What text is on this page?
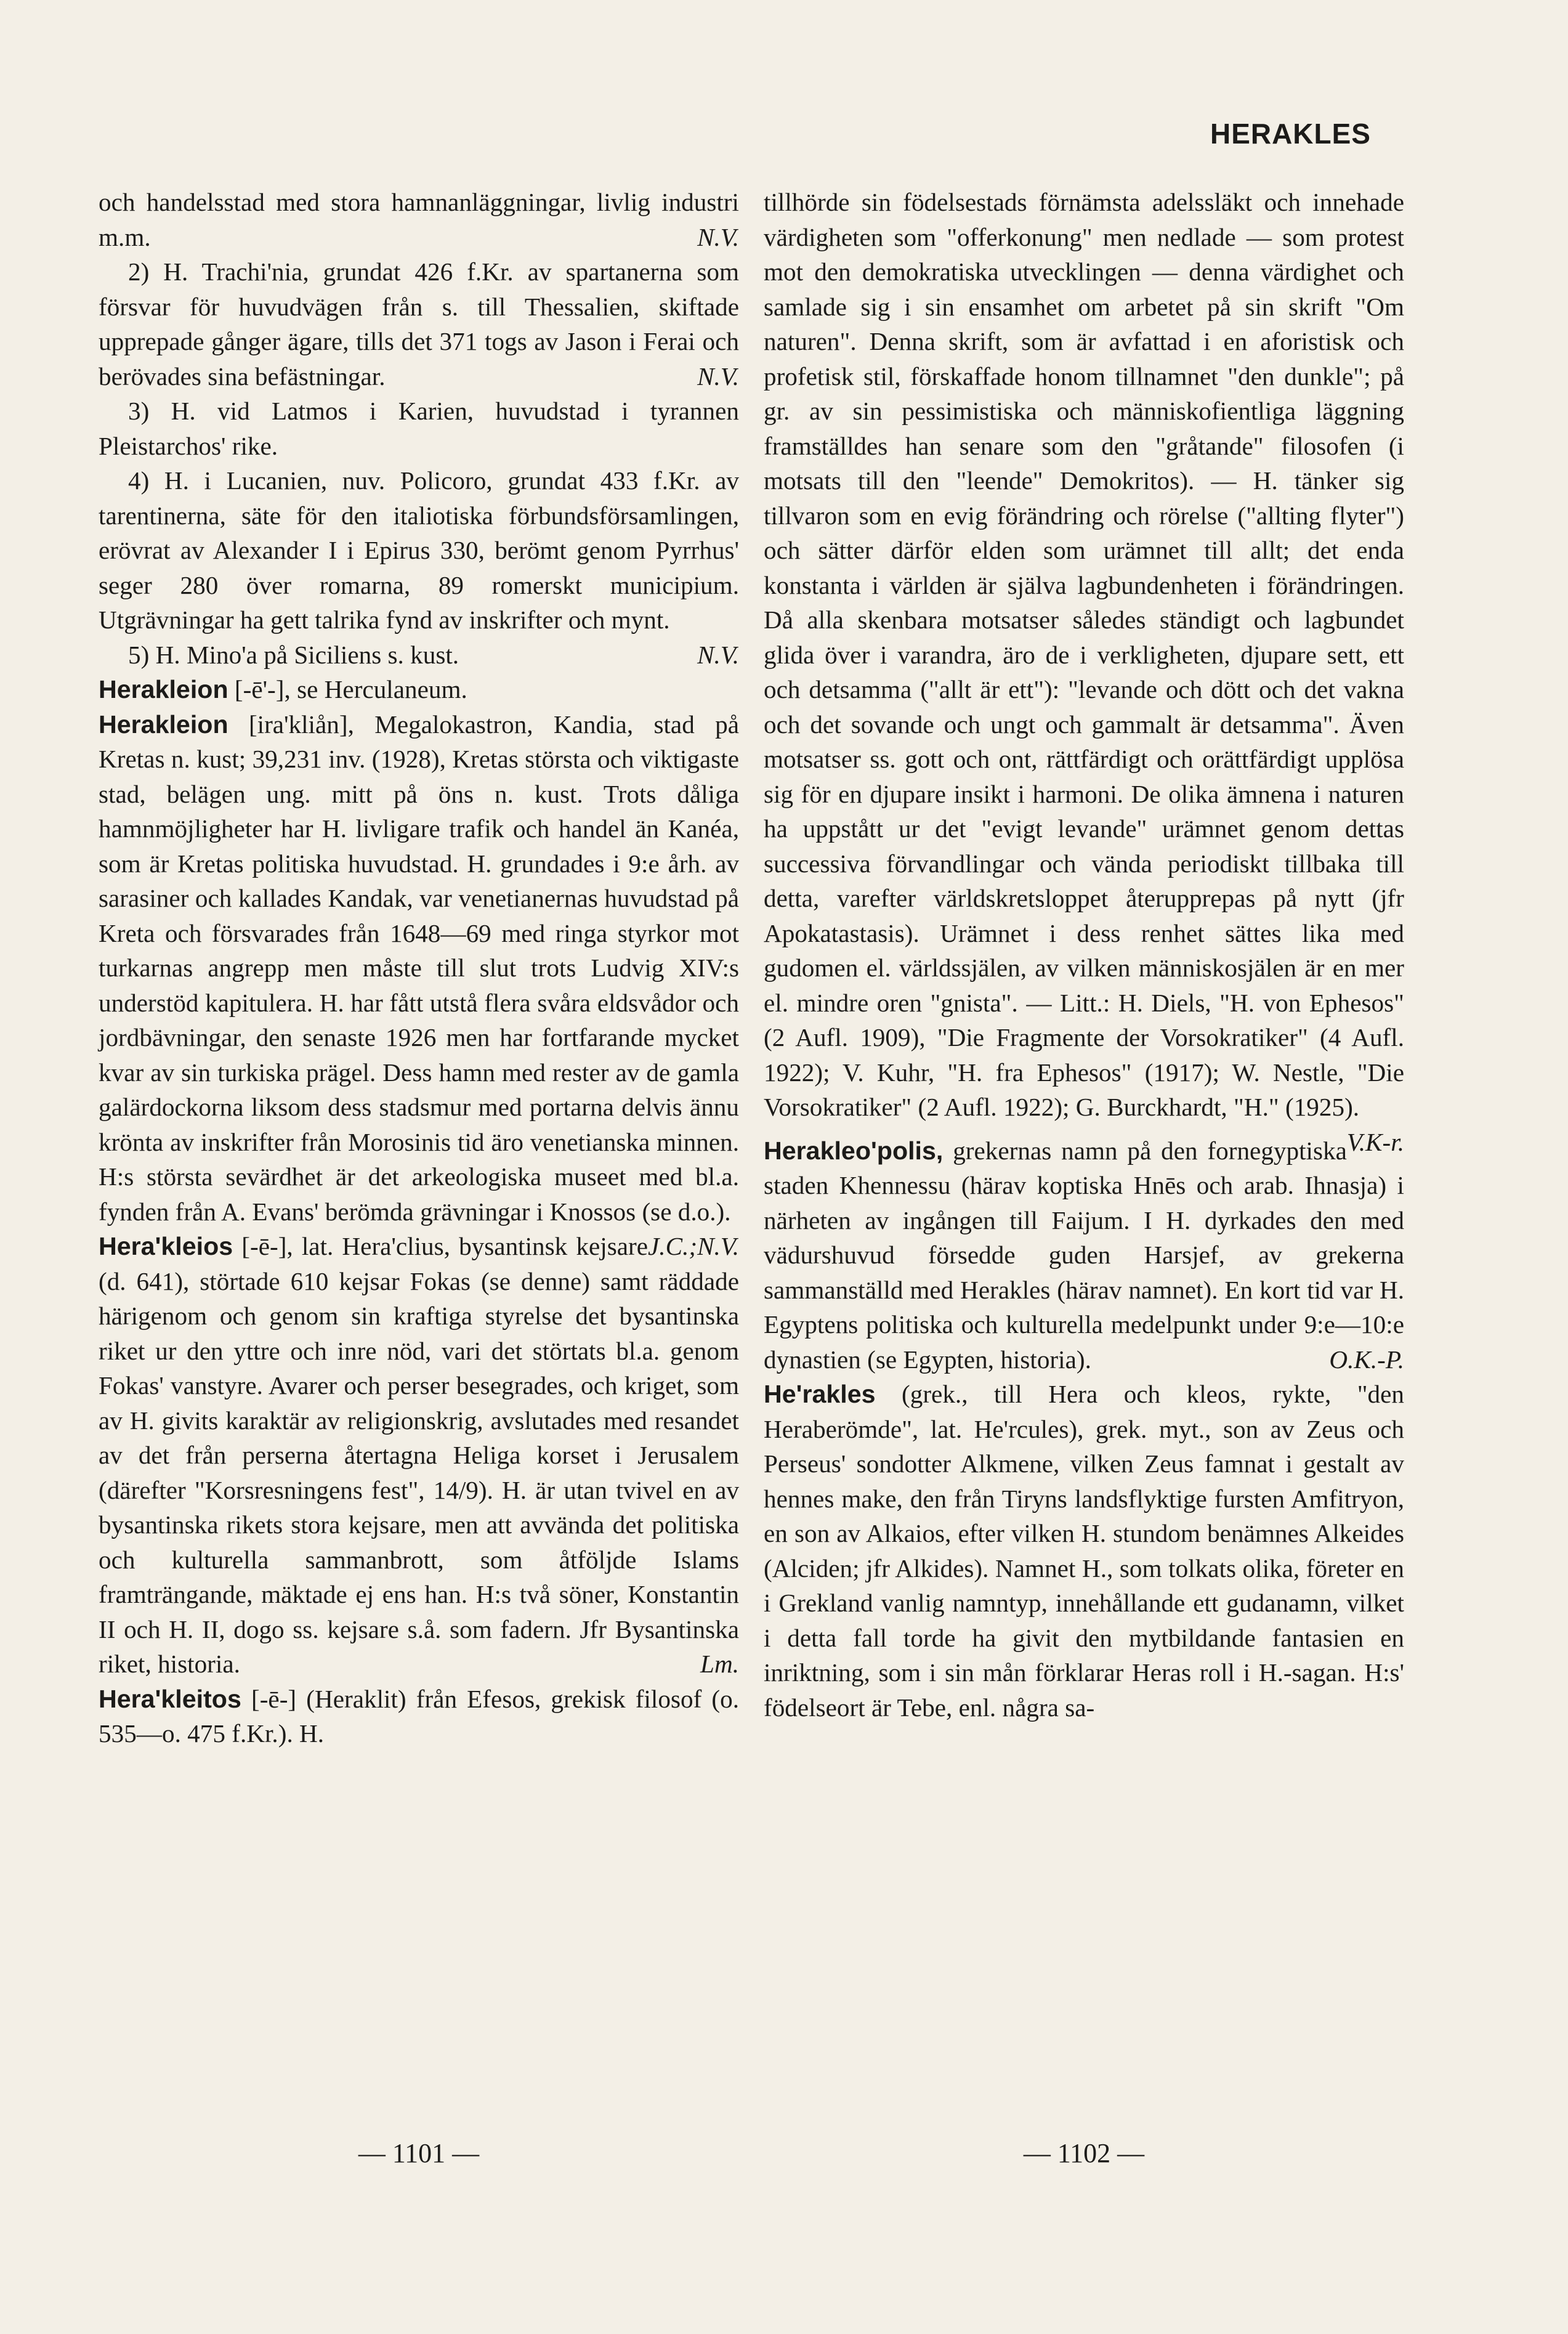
HERAKLES

och handelsstad med stora hamnanläggningar, livlig industri m.m.	N.V.

2) H. Trachi'nia, grundat 426 f.Kr. av spartanerna som försvar för huvudvägen från s. till Thessalien, skiftade upprepade gånger ägare, tills det 371 togs av Jason i Ferai och berövades sina befästningar.	N.V.

3) H. vid Latmos i Karien, huvudstad i tyrannen Pleistarchos' rike.

4) H. i Lucanien, nuv. Policoro, grundat 433 f.Kr. av tarentinerna, säte för den italiotiska förbundsförsamlingen, erövrat av Alexander I i Epirus 330, berömt genom Pyrrhus' seger 280 över romarna, 89 romerskt municipium. Utgrävningar ha gett talrika fynd av inskrifter och mynt.
N.V.

5) H. Mino'a på Siciliens s. kust.

Herakleion [-ē'-], se Herculaneum.

Herakleion [ira'kliån], Megalokastron, Kandia, stad på Kretas n. kust; 39,231 inv. (1928), Kretas största och viktigaste stad, belägen ung. mitt på öns n. kust. Trots dåliga hamnmöjligheter har H. livligare trafik och handel än Kanéa, som är Kretas politiska huvudstad. H. grundades i 9:e årh. av sarasiner och kallades Kandak, var venetianernas huvudstad på Kreta och försvarades från 1648—69 med ringa styrkor mot turkarnas angrepp men måste till slut trots Ludvig XIV:s understöd kapitulera. H. har fått utstå flera svåra eldsvådor och jordbävningar, den senaste 1926 men har fortfarande mycket kvar av sin turkiska prägel. Dess hamn med rester av de gamla galärdockorna liksom dess stadsmur med portarna delvis ännu krönta av inskrifter från Morosinis tid äro venetianska minnen. H:s största sevärdhet är det arkeologiska museet med bl.a. fynden från A. Evans' berömda grävningar i Knossos (se d.o.).
J.C.;N.V.

Hera'kleios [-ē-], lat. Hera'clius, bysantinsk kejsare (d. 641), störtade 610 kejsar Fokas (se denne) samt räddade härigenom och genom sin kraftiga styrelse det bysantinska riket ur den yttre och inre nöd, vari det störtats bl.a. genom Fokas' vanstyre. Avarer och perser besegrades, och kriget, som av H. givits karaktär av religionskrig, avslutades med resandet av det från perserna återtagna Heliga korset i Jerusalem (därefter "Korsresningens fest", 14/9). H. är utan tvivel en av bysantinska rikets stora kejsare, men att avvända det politiska och kulturella sammanbrott, som åtföljde Islams framträngande, mäktade ej ens han. H:s två söner, Konstantin II och H. II, dogo ss. kejsare s.å. som fadern. Jfr Bysantinska riket, historia.	Lm.

Hera'kleitos [-ē-] (Heraklit) från Efesos, grekisk filosof (o. 535—o. 475 f.Kr.). H.

tillhörde sin födelsestads förnämsta adelssläkt och innehade värdigheten som "offerkonung" men nedlade — som protest mot den demokratiska utvecklingen — denna värdighet och samlade sig i sin ensamhet om arbetet på sin skrift "Om naturen". Denna skrift, som är avfattad i en aforistisk och profetisk stil, förskaffade honom tillnamnet "den dunkle"; på gr. av sin pessimistiska och människofientliga läggning framställdes han senare som den "gråtande" filosofen (i motsats till den "leende" Demokritos). — H. tänker sig tillvaron som en evig förändring och rörelse ("allting flyter") och sätter därför elden som urämnet till allt; det enda konstanta i världen är själva lagbundenheten i förändringen. Då alla skenbara motsatser således ständigt och lagbundet glida över i varandra, äro de i verkligheten, djupare sett, ett och detsamma ("allt är ett"): "levande och dött och det vakna och det sovande och ungt och gammalt är detsamma". Även motsatser ss. gott och ont, rättfärdigt och orättfärdigt upplösa sig för en djupare insikt i harmoni. De olika ämnena i naturen ha uppstått ur det "evigt levande" urämnet genom dettas successiva förvandlingar och vända periodiskt tillbaka till detta, varefter världskretsloppet återupprepas på nytt (jfr Apokatastasis). Urämnet i dess renhet sättes lika med gudomen el. världssjälen, av vilken människosjälen är en mer el. mindre oren "gnista". — Litt.: H. Diels, "H. von Ephesos" (2 Aufl. 1909), "Die Fragmente der Vorsokratiker" (4 Aufl. 1922); V. Kuhr, "H. fra Ephesos" (1917); W. Nestle, "Die Vorsokratiker" (2 Aufl. 1922); G. Burckhardt, "H." (1925).
V.K-r.

Herakleo'polis, grekernas namn på den fornegyptiska staden Khennessu (härav koptiska Hnēs och arab. Ihnasja) i närheten av ingången till Faijum. I H. dyrkades den med vädurshuvud försedde guden Harsjef, av grekerna sammanställd med Herakles (härav namnet). En kort tid var H. Egyptens politiska och kulturella medelpunkt under 9:e—10:e dynastien (se Egypten, historia).	O.K.-P.

He'rakles (grek., till Hera och kleos, rykte, "den Heraberömde", lat. He'rcules), grek. myt., son av Zeus och Perseus' sondotter Alkmene, vilken Zeus famnat i gestalt av hennes make, den från Tiryns landsflyktige fursten Amfitryon, en son av Alkaios, efter vilken H. stundom benämnes Alkeides (Alciden; jfr Alkides). Namnet H., som tolkats olika, företer en i Grekland vanlig namntyp, innehållande ett gudanamn, vilket i detta fall torde ha givit den mytbildande fantasien en inriktning, som i sin mån förklarar Heras roll i H.-sagan. H:s' födelseort är Tebe, enl. några sa-

— 1101 —	— 1102 —
